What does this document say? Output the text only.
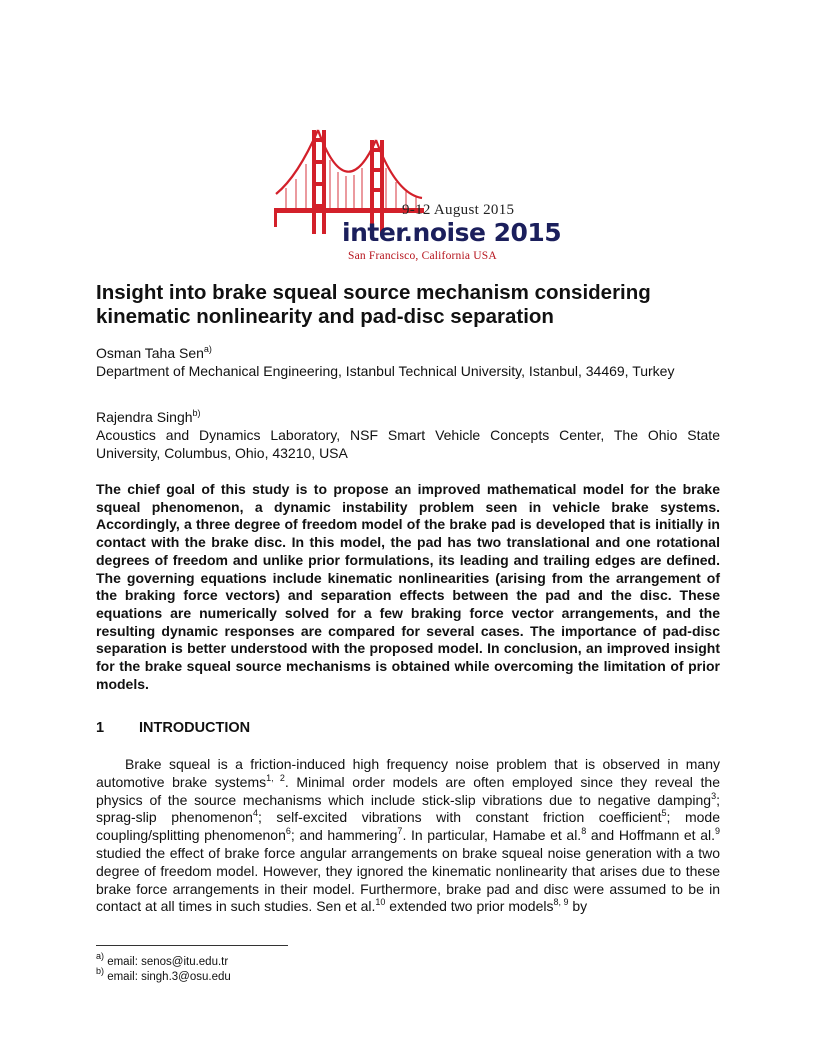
9-12 August 2015
inter.noise 2015
San Francisco, California USA
Insight into brake squeal source mechanism considering kinematic nonlinearity and pad-disc separation
Osman Taha Sen$^{a)}$
Department of Mechanical Engineering, Istanbul Technical University, Istanbul, 34469, Turkey
Rajendra Singh$^{b)}$
Acoustics and Dynamics Laboratory, NSF Smart Vehicle Concepts Center, The Ohio State University, Columbus, Ohio, 43210, USA
The chief goal of this study is to propose an improved mathematical model for the brake squeal phenomenon, a dynamic instability problem seen in vehicle brake systems. Accordingly, a three degree of freedom model of the brake pad is developed that is initially in contact with the brake disc. In this model, the pad has two translational and one rotational degrees of freedom and unlike prior formulations, its leading and trailing edges are defined. The governing equations include kinematic nonlinearities (arising from the arrangement of the braking force vectors) and separation effects between the pad and the disc. These equations are numerically solved for a few braking force vector arrangements, and the resulting dynamic responses are compared for several cases. The importance of pad-disc separation is better understood with the proposed model. In conclusion, an improved insight for the brake squeal source mechanisms is obtained while overcoming the limitation of prior models.
1 INTRODUCTION
Brake squeal is a friction-induced high frequency noise problem that is observed in many automotive brake systems$^{1, 2}$. Minimal order models are often employed since they reveal the physics of the source mechanisms which include stick-slip vibrations due to negative damping$^3$; sprag-slip phenomenon$^4$; self-excited vibrations with constant friction coefficient$^5$; mode coupling/splitting phenomenon$^6$; and hammering$^7$. In particular, Hamabe et al.$^8$ and Hoffmann et al.$^9$ studied the effect of brake force angular arrangements on brake squeal noise generation with a two degree of freedom model. However, they ignored the kinematic nonlinearity that arises due to these brake force arrangements in their model. Furthermore, brake pad and disc were assumed to be in contact at all times in such studies. Sen et al.$^{10}$ extended two prior models$^{8, 9}$ by
$^{a)}$ email: senos@itu.edu.tr
$^{b)}$ email: singh.3@osu.edu
